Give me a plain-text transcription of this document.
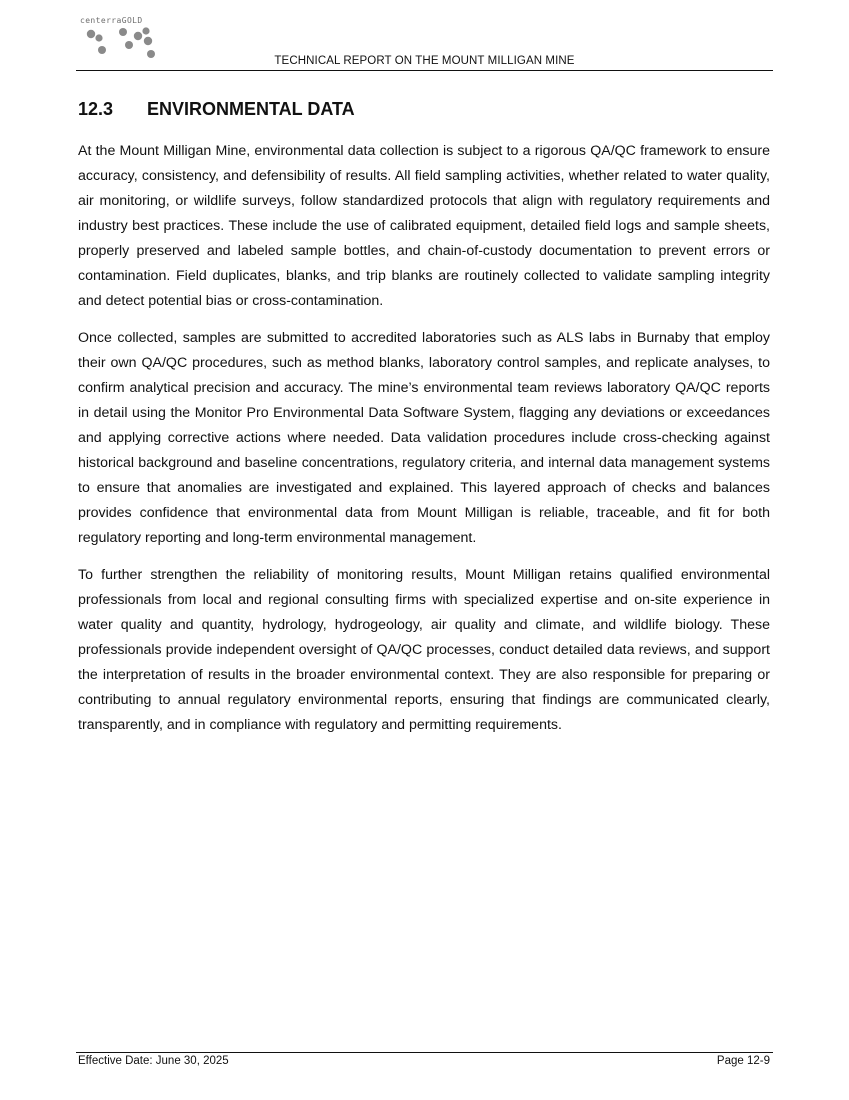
centerraGOLD
TECHNICAL REPORT ON THE MOUNT MILLIGAN MINE
12.3 ENVIRONMENTAL DATA

At the Mount Milligan Mine, environmental data collection is subject to a rigorous QA/QC framework to ensure accuracy, consistency, and defensibility of results. All field sampling activities, whether related to water quality, air monitoring, or wildlife surveys, follow standardized protocols that align with regulatory requirements and industry best practices. These include the use of calibrated equipment, detailed field logs and sample sheets, properly preserved and labeled sample bottles, and chain-of-custody documentation to prevent errors or contamination. Field duplicates, blanks, and trip blanks are routinely collected to validate sampling integrity and detect potential bias or cross-contamination.

Once collected, samples are submitted to accredited laboratories such as ALS labs in Burnaby that employ their own QA/QC procedures, such as method blanks, laboratory control samples, and replicate analyses, to confirm analytical precision and accuracy. The mine’s environmental team reviews laboratory QA/QC reports in detail using the Monitor Pro Environmental Data Software System, flagging any deviations or exceedances and applying corrective actions where needed. Data validation procedures include cross-checking against historical background and baseline concentrations, regulatory criteria, and internal data management systems to ensure that anomalies are investigated and explained. This layered approach of checks and balances provides confidence that environmental data from Mount Milligan is reliable, traceable, and fit for both regulatory reporting and long-term environmental management.

To further strengthen the reliability of monitoring results, Mount Milligan retains qualified environmental professionals from local and regional consulting firms with specialized expertise and on-site experience in water quality and quantity, hydrology, hydrogeology, air quality and climate, and wildlife biology. These professionals provide independent oversight of QA/QC processes, conduct detailed data reviews, and support the interpretation of results in the broader environmental context. They are also responsible for preparing or contributing to annual regulatory environmental reports, ensuring that findings are communicated clearly, transparently, and in compliance with regulatory and permitting requirements.

Effective Date: June 30, 2025	Page 12-9
